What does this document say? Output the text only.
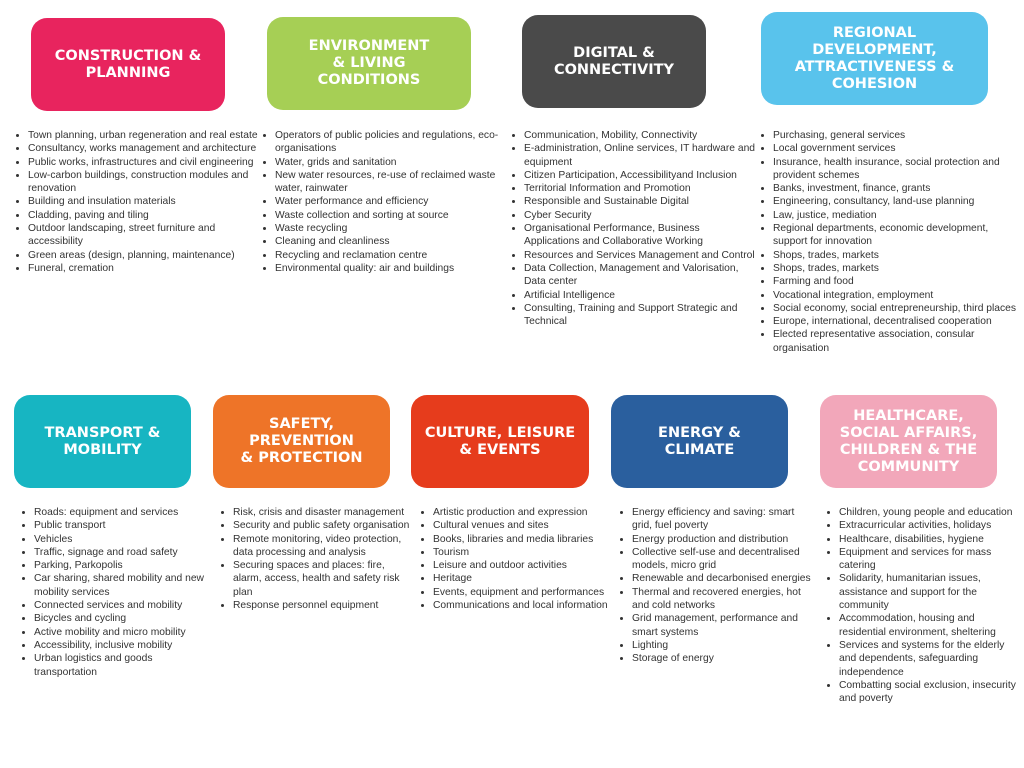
CONSTRUCTION &
PLANNING
ENVIRONMENT
& LIVING
CONDITIONS
DIGITAL &
CONNECTIVITY
REGIONAL
DEVELOPMENT,
ATTRACTIVENESS &
COHESION
• Town planning, urban regeneration and real estate
• Consultancy, works management and architecture
• Public works, infrastructures and civil engineering
• Low-carbon buildings, construction modules and renovation
• Building and insulation materials
• Cladding, paving and tiling
• Outdoor landscaping, street furniture and accessibility
• Green areas (design, planning, maintenance)
• Funeral, cremation
• Operators of public policies and regulations, eco-organisations
• Water, grids and sanitation
• New water resources, re-use of reclaimed waste water, rainwater
• Water performance and efficiency
• Waste collection and sorting at source
• Waste recycling
• Cleaning and cleanliness
• Recycling and reclamation centre
• Environmental quality: air and buildings
• Communication, Mobility, Connectivity
• E-administration, Online services, IT hardware and equipment
• Citizen Participation, Accessibilityand Inclusion
• Territorial Information and Promotion
• Responsible and Sustainable Digital
• Cyber Security
• Organisational Performance, Business Applications and Collaborative Working
• Resources and Services Management and Control
• Data Collection, Management and Valorisation, Data center
• Artificial Intelligence
• Consulting, Training and Support Strategic and Technical
• Purchasing, general services
• Local government services
• Insurance, health insurance, social protection and provident schemes
• Banks, investment, finance, grants
• Engineering, consultancy, land-use planning
• Law, justice, mediation
• Regional departments, economic development, support for innovation
• Shops, trades, markets
• Shops, trades, markets
• Farming and food
• Vocational integration, employment
• Social economy, social entrepreneurship, third places
• Europe, international, decentralised cooperation
• Elected representative association, consular organisation
TRANSPORT &
MOBILITY
SAFETY,
PREVENTION
& PROTECTION
CULTURE, LEISURE
& EVENTS
ENERGY &
CLIMATE
HEALTHCARE,
SOCIAL AFFAIRS,
CHILDREN & THE
COMMUNITY
• Roads: equipment and services
• Public transport
• Vehicles
• Traffic, signage and road safety
• Parking, Parkopolis
• Car sharing, shared mobility and new mobility services
• Connected services and mobility
• Bicycles and cycling
• Active mobility and micro mobility
• Accessibility, inclusive mobility
• Urban logistics and goods transportation
• Risk, crisis and disaster management
• Security and public safety organisation
• Remote monitoring, video protection, data processing and analysis
• Securing spaces and places: fire, alarm, access, health and safety risk plan
• Response personnel equipment
• Artistic production and expression
• Cultural venues and sites
• Books, libraries and media libraries
• Tourism
• Leisure and outdoor activities
• Heritage
• Events, equipment and performances
• Communications and local information
• Energy efficiency and saving: smart grid, fuel poverty
• Energy production and distribution
• Collective self-use and decentralised models, micro grid
• Renewable and decarbonised energies
• Thermal and recovered energies, hot and cold networks
• Grid management, performance and smart systems
• Lighting
• Storage of energy
• Children, young people and education
• Extracurricular activities, holidays
• Healthcare, disabilities, hygiene
• Equipment and services for mass catering
• Solidarity, humanitarian issues, assistance and support for the community
• Accommodation, housing and residential environment, sheltering
• Services and systems for the elderly and dependents, safeguarding independence
• Combatting social exclusion, insecurity and poverty
